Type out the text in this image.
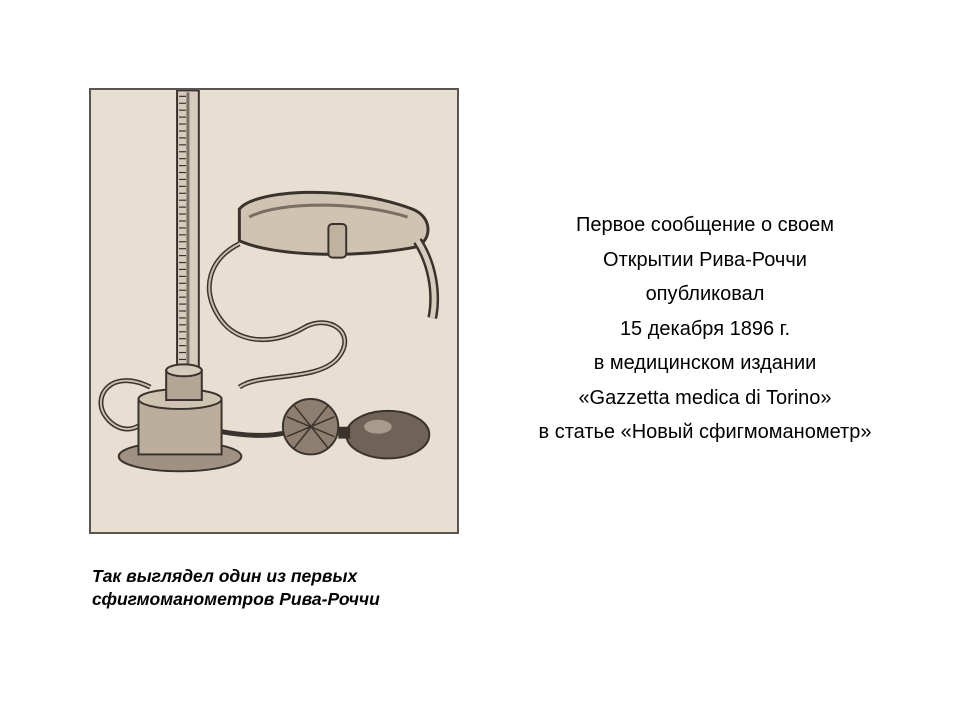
Так выглядел один из первых
сфигмоманометров Рива-Роччи
Первое сообщение о своем
Открытии Рива-Роччи
опубликовал
15 декабря 1896 г.
в медицинском издании
«Gazzetta medica di Torino»
в статье «Новый сфигмоманометр»
